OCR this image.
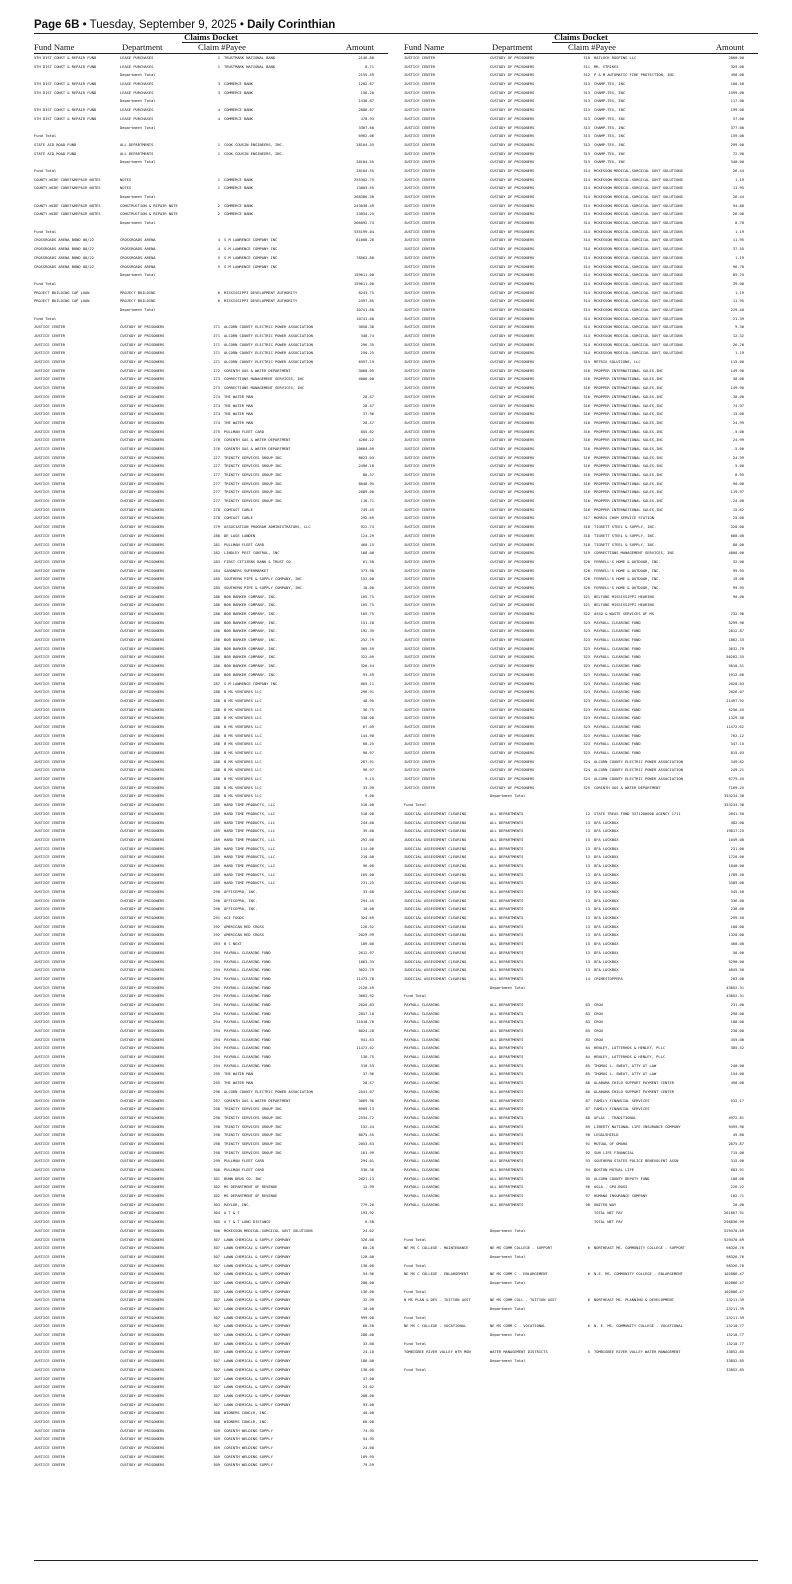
Page 6B • Tuesday, September 9, 2025 • Daily Corinthian
Claims Docket
Fund Name	Department	Claim #Payee	Amount
5TH DIST CONST & REPAIR FUND	LEASE PURCHASES	1 TRUSTMARK NATIONAL BANK	2146.80
5TH DIST CONST & REPAIR FUND	LEASE PURCHASES	1 TRUSTMARK NATIONAL BANK	8.71
Department Total	2155.59
5TH DIST CONST & REPAIR FUND	LEASE PURCHASES	3 COMMERCE BANK	1282.67
5TH DIST CONST & REPAIR FUND	LEASE PURCHASES	3 COMMERCE BANK	156.20
Department Total	1438.87
5TH DIST CONST & REPAIR FUND	LEASE PURCHASES	4 COMMERCE BANK	2888.67
5TH DIST CONST & REPAIR FUND	LEASE PURCHASES	4 COMMERCE BANK	478.93
Department Total	3367.60
Fund Total	6962.06
STATE AID ROAD FUND	ALL DEPARTMENTS	1 COOK-COUSIN ENGINEERS, INC.	28104.55
STATE AID ROAD FUND	ALL DEPARTMENTS	1 COOK-COUSIN ENGINEERS, INC.
Department Total	28104.55
Fund Total	28104.55
COUNTY-WIDE CONST&REPAIR NOTES	NOTES	1 COMMERCE BANK	255302.75
COUNTY-WIDE CONST&REPAIR NOTES	NOTES	1 COMMERCE BANK	13003.55
Department Total	268306.30
COUNTY-WIDE CONST&REPAIR NOTES	CONSTRUCTION & REPAIR NOTE	2 COMMERCE BANK	243038.49
COUNTY-WIDE CONST&REPAIR NOTES	CONSTRUCTION & REPAIR NOTE	2 COMMERCE BANK	23054.25
Department Total	266092.74
Fund Total	535199.04
CROSSROADS ARENA BOND 08/22	CROSSROADS ARENA	4 S M LAWRENCE COMPANY INC	81008.20
CROSSROADS ARENA BOND 08/22	CROSSROADS ARENA	4 S M LAWRENCE COMPANY INC
CROSSROADS ARENA BOND 08/22	CROSSROADS ARENA	5 S M LAWRENCE COMPANY INC	78562.80
CROSSROADS ARENA BOND 08/22	CROSSROADS ARENA	5 S M LAWRENCE COMPANY INC
Department Total	159611.00
Fund Total	159611.00
PROJECT BUILDING CAP LOAN	PROJECT BUILDING	6 MISSISSIPPI DEVELOPMENT AUTHORITY	8243.75
PROJECT BUILDING CAP LOAN	PROJECT BUILDING	6 MISSISSIPPI DEVELOPMENT AUTHORITY	2497.85
Department Total	10741.60
Fund Total	10741.60
JUSTICE CENTER	CUSTODY OF PRISONERS	271 ALCORN COUNTY ELECTRIC POWER ASSOCIATION	3058.38
JUSTICE CENTER	CUSTODY OF PRISONERS	271 ALCORN COUNTY ELECTRIC POWER ASSOCIATION	348.74
JUSTICE CENTER	CUSTODY OF PRISONERS	271 ALCORN COUNTY ELECTRIC POWER ASSOCIATION	296.35
JUSTICE CENTER	CUSTODY OF PRISONERS	271 ALCORN COUNTY ELECTRIC POWER ASSOCIATION	250.25
JUSTICE CENTER	CUSTODY OF PRISONERS	271 ALCORN COUNTY ELECTRIC POWER ASSOCIATION	6597.19
JUSTICE CENTER	CUSTODY OF PRISONERS	272 CORINTH GAS & WATER DEPARTMENT	3068.05
JUSTICE CENTER	CUSTODY OF PRISONERS	273 CORRECTIONS MANAGEMENT SERVICES, INC	4000.00
JUSTICE CENTER	CUSTODY OF PRISONERS	273 CORRECTIONS MANAGEMENT SERVICES, INC
JUSTICE CENTER	CUSTODY OF PRISONERS	274 THE WATER MAN	28.47
JUSTICE CENTER	CUSTODY OF PRISONERS	274 THE WATER MAN	28.47
JUSTICE CENTER	CUSTODY OF PRISONERS	274 THE WATER MAN	37.96
JUSTICE CENTER	CUSTODY OF PRISONERS	274 THE WATER MAN	28.47
JUSTICE CENTER	CUSTODY OF PRISONERS	275 PULLMAN FLEET CARD	855.62
JUSTICE CENTER	CUSTODY OF PRISONERS	276 CORINTH GAS & WATER DEPARTMENT	4260.22
JUSTICE CENTER	CUSTODY OF PRISONERS	276 CORINTH GAS & WATER DEPARTMENT	10684.09
JUSTICE CENTER	CUSTODY OF PRISONERS	277 TRINITY SERVICES GROUP INC	8623.03
JUSTICE CENTER	CUSTODY OF PRISONERS	277 TRINITY SERVICES GROUP INC	2496.18
JUSTICE CENTER	CUSTODY OF PRISONERS	277 TRINITY SERVICES GROUP INC	86.57
JUSTICE CENTER	CUSTODY OF PRISONERS	277 TRINITY SERVICES GROUP INC	8048.95
JUSTICE CENTER	CUSTODY OF PRISONERS	277 TRINITY SERVICES GROUP INC	2089.00
JUSTICE CENTER	CUSTODY OF PRISONERS	277 TRINITY SERVICES GROUP INC	118.71
JUSTICE CENTER	CUSTODY OF PRISONERS	278 COMCAST CABLE	749.45
JUSTICE CENTER	CUSTODY OF PRISONERS	278 COMCAST CABLE	292.69
JUSTICE CENTER	CUSTODY OF PRISONERS	279 ASSOCIATION PROGRAM ADMINISTRATORS, LLC	922.74
JUSTICE CENTER	CUSTODY OF PRISONERS	280 DE LAGE LANDEN	124.29
JUSTICE CENTER	CUSTODY OF PRISONERS	281 PULLMAN FLEET CARD	460.15
JUSTICE CENTER	CUSTODY OF PRISONERS	282 LINDLEY PEST CONTROL, INC	168.00
JUSTICE CENTER	CUSTODY OF PRISONERS	283 FIRST CITIZENS BANK & TRUST CO	61.58
JUSTICE CENTER	CUSTODY OF PRISONERS	284 GARDNERS SUPERMARKET	373.90
JUSTICE CENTER	CUSTODY OF PRISONERS	285 SOUTHERN PIPE & SUPPLY COMPANY, INC.	152.00
JUSTICE CENTER	CUSTODY OF PRISONERS	285 SOUTHERN PIPE & SUPPLY COMPANY, INC.	18.00
JUSTICE CENTER	CUSTODY OF PRISONERS	286 BOB BARKER COMPANY, INC.	165.75
JUSTICE CENTER	CUSTODY OF PRISONERS	286 BOB BARKER COMPANY, INC.	165.75
JUSTICE CENTER	CUSTODY OF PRISONERS	286 BOB BARKER COMPANY, INC.	165.75
JUSTICE CENTER	CUSTODY OF PRISONERS	286 BOB BARKER COMPANY, INC.	151.18
JUSTICE CENTER	CUSTODY OF PRISONERS	286 BOB BARKER COMPANY, INC.	192.39
JUSTICE CENTER	CUSTODY OF PRISONERS	286 BOB BARKER COMPANY, INC.	252.79
JUSTICE CENTER	CUSTODY OF PRISONERS	286 BOB BARKER COMPANY, INC.	369.59
JUSTICE CENTER	CUSTODY OF PRISONERS	286 BOB BARKER COMPANY, INC.	322.09
JUSTICE CENTER	CUSTODY OF PRISONERS	286 BOB BARKER COMPANY, INC.	326.54
JUSTICE CENTER	CUSTODY OF PRISONERS	286 BOB BARKER COMPANY, INC.	93.59
JUSTICE CENTER	CUSTODY OF PRISONERS	287 S M LAWRENCE COMPANY INC	665.11
JUSTICE CENTER	CUSTODY OF PRISONERS	288 B MS VENTURES LLC	296.91
JUSTICE CENTER	CUSTODY OF PRISONERS	288 B MS VENTURES LLC	48.95
JUSTICE CENTER	CUSTODY OF PRISONERS	288 B MS VENTURES LLC	36.75
JUSTICE CENTER	CUSTODY OF PRISONERS	288 B MS VENTURES LLC	338.00
JUSTICE CENTER	CUSTODY OF PRISONERS	288 B MS VENTURES LLC	67.09
JUSTICE CENTER	CUSTODY OF PRISONERS	288 B MS VENTURES LLC	144.98
JUSTICE CENTER	CUSTODY OF PRISONERS	288 B MS VENTURES LLC	68.25
JUSTICE CENTER	CUSTODY OF PRISONERS	288 B MS VENTURES LLC	98.97
JUSTICE CENTER	CUSTODY OF PRISONERS	288 B MS VENTURES LLC	287.91
JUSTICE CENTER	CUSTODY OF PRISONERS	288 B MS VENTURES LLC	98.97
JUSTICE CENTER	CUSTODY OF PRISONERS	288 B MS VENTURES LLC	9.15
JUSTICE CENTER	CUSTODY OF PRISONERS	288 B MS VENTURES LLC	33.99
JUSTICE CENTER	CUSTODY OF PRISONERS	288 B MS VENTURES LLC	9.00
JUSTICE CENTER	CUSTODY OF PRISONERS	289 HARD TIME PRODUCTS, LLC	518.00
JUSTICE CENTER	CUSTODY OF PRISONERS	289 HARD TIME PRODUCTS, LLC	518.00
JUSTICE CENTER	CUSTODY OF PRISONERS	289 HARD TIME PRODUCTS, LLC	244.60
JUSTICE CENTER	CUSTODY OF PRISONERS	289 HARD TIME PRODUCTS, LLC	39.60
JUSTICE CENTER	CUSTODY OF PRISONERS	289 HARD TIME PRODUCTS, LLC	292.00
JUSTICE CENTER	CUSTODY OF PRISONERS	289 HARD TIME PRODUCTS, LLC	114.00
JUSTICE CENTER	CUSTODY OF PRISONERS	289 HARD TIME PRODUCTS, LLC	218.00
JUSTICE CENTER	CUSTODY OF PRISONERS	289 HARD TIME PRODUCTS, LLC	96.00
JUSTICE CENTER	CUSTODY OF PRISONERS	289 HARD TIME PRODUCTS, LLC	165.00
JUSTICE CENTER	CUSTODY OF PRISONERS	289 HARD TIME PRODUCTS, LLC	231.25
JUSTICE CENTER	CUSTODY OF PRISONERS	290 OFFICEPRO, INC.	33.68
JUSTICE CENTER	CUSTODY OF PRISONERS	290 OFFICEPRO, INC.	294.45
JUSTICE CENTER	CUSTODY OF PRISONERS	290 OFFICEPRO, INC.	10.00
JUSTICE CENTER	CUSTODY OF PRISONERS	291 ACE FOODS	324.69
JUSTICE CENTER	CUSTODY OF PRISONERS	292 AMERICAN RED CROSS	126.52
JUSTICE CENTER	CUSTODY OF PRISONERS	292 AMERICAN RED CROSS	2029.99
JUSTICE CENTER	CUSTODY OF PRISONERS	293 B C NEXT	189.00
JUSTICE CENTER	CUSTODY OF PRISONERS	294 PAYROLL CLEARING FUND	2612.97
JUSTICE CENTER	CUSTODY OF PRISONERS	294 PAYROLL CLEARING FUND	1863.33
JUSTICE CENTER	CUSTODY OF PRISONERS	294 PAYROLL CLEARING FUND	3622.79
JUSTICE CENTER	CUSTODY OF PRISONERS	294 PAYROLL CLEARING FUND	11473.78
JUSTICE CENTER	CUSTODY OF PRISONERS	294 PAYROLL CLEARING FUND	2120.49
JUSTICE CENTER	CUSTODY OF PRISONERS	294 PAYROLL CLEARING FUND	3602.92
JUSTICE CENTER	CUSTODY OF PRISONERS	294 PAYROLL CLEARING FUND	2020.83
JUSTICE CENTER	CUSTODY OF PRISONERS	294 PAYROLL CLEARING FUND	2057.18
JUSTICE CENTER	CUSTODY OF PRISONERS	294 PAYROLL CLEARING FUND	11018.78
JUSTICE CENTER	CUSTODY OF PRISONERS	294 PAYROLL CLEARING FUND	8024.28
JUSTICE CENTER	CUSTODY OF PRISONERS	294 PAYROLL CLEARING FUND	941.63
JUSTICE CENTER	CUSTODY OF PRISONERS	294 PAYROLL CLEARING FUND	11472.62
JUSTICE CENTER	CUSTODY OF PRISONERS	294 PAYROLL CLEARING FUND	138.75
JUSTICE CENTER	CUSTODY OF PRISONERS	294 PAYROLL CLEARING FUND	318.53
JUSTICE CENTER	CUSTODY OF PRISONERS	295 THE WATER MAN	37.96
JUSTICE CENTER	CUSTODY OF PRISONERS	295 THE WATER MAN	28.47
JUSTICE CENTER	CUSTODY OF PRISONERS	296 ALCORN COUNTY ELECTRIC POWER ASSOCIATION	2541.07
JUSTICE CENTER	CUSTODY OF PRISONERS	297 CORINTH GAS & WATER DEPARTMENT	3069.96
JUSTICE CENTER	CUSTODY OF PRISONERS	298 TRINITY SERVICES GROUP INC	8909.13
JUSTICE CENTER	CUSTODY OF PRISONERS	298 TRINITY SERVICES GROUP INC	2534.72
JUSTICE CENTER	CUSTODY OF PRISONERS	298 TRINITY SERVICES GROUP INC	152.44
JUSTICE CENTER	CUSTODY OF PRISONERS	298 TRINITY SERVICES GROUP INC	8675.55
JUSTICE CENTER	CUSTODY OF PRISONERS	298 TRINITY SERVICES GROUP INC	2053.63
JUSTICE CENTER	CUSTODY OF PRISONERS	298 TRINITY SERVICES GROUP INC	161.99
JUSTICE CENTER	CUSTODY OF PRISONERS	299 PULLMAN FLEET CARD	294.01
JUSTICE CENTER	CUSTODY OF PRISONERS	300 PULLMAN FLEET CARD	538.36
JUSTICE CENTER	CUSTODY OF PRISONERS	301 BUNN DRUG CO. INC	2621.13
JUSTICE CENTER	CUSTODY OF PRISONERS	302 MS DEPARTMENT OF REVENUE	12.99
JUSTICE CENTER	CUSTODY OF PRISONERS	302 MS DEPARTMENT OF REVENUE
JUSTICE CENTER	CUSTODY OF PRISONERS	303 RAYLOR, INC.	779.26
JUSTICE CENTER	CUSTODY OF PRISONERS	304 A T & T	193.92
JUSTICE CENTER	CUSTODY OF PRISONERS	305 A T & T LONG DISTANCE	6.58
JUSTICE CENTER	CUSTODY OF PRISONERS	306 MCKESSON MEDICAL-SURGICAL GOVT SOLUTIONS	24.02
JUSTICE CENTER	CUSTODY OF PRISONERS	307 LAWN CHEMICAL & SUPPLY COMPANY	326.00
JUSTICE CENTER	CUSTODY OF PRISONERS	307 LAWN CHEMICAL & SUPPLY COMPANY	60.20
JUSTICE CENTER	CUSTODY OF PRISONERS	307 LAWN CHEMICAL & SUPPLY COMPANY	128.00
JUSTICE CENTER	CUSTODY OF PRISONERS	307 LAWN CHEMICAL & SUPPLY COMPANY	138.00
JUSTICE CENTER	CUSTODY OF PRISONERS	307 LAWN CHEMICAL & SUPPLY COMPANY	54.96
JUSTICE CENTER	CUSTODY OF PRISONERS	307 LAWN CHEMICAL & SUPPLY COMPANY	288.00
JUSTICE CENTER	CUSTODY OF PRISONERS	307 LAWN CHEMICAL & SUPPLY COMPANY	136.00
JUSTICE CENTER	CUSTODY OF PRISONERS	307 LAWN CHEMICAL & SUPPLY COMPANY	32.99
JUSTICE CENTER	CUSTODY OF PRISONERS	307 LAWN CHEMICAL & SUPPLY COMPANY	10.00
JUSTICE CENTER	CUSTODY OF PRISONERS	307 LAWN CHEMICAL & SUPPLY COMPANY	999.00
JUSTICE CENTER	CUSTODY OF PRISONERS	307 LAWN CHEMICAL & SUPPLY COMPANY	60.50
JUSTICE CENTER	CUSTODY OF PRISONERS	307 LAWN CHEMICAL & SUPPLY COMPANY	288.00
JUSTICE CENTER	CUSTODY OF PRISONERS	307 LAWN CHEMICAL & SUPPLY COMPANY	33.00
JUSTICE CENTER	CUSTODY OF PRISONERS	307 LAWN CHEMICAL & SUPPLY COMPANY	24.10
JUSTICE CENTER	CUSTODY OF PRISONERS	307 LAWN CHEMICAL & SUPPLY COMPANY	188.00
JUSTICE CENTER	CUSTODY OF PRISONERS	307 LAWN CHEMICAL & SUPPLY COMPANY	138.00
JUSTICE CENTER	CUSTODY OF PRISONERS	307 LAWN CHEMICAL & SUPPLY COMPANY	47.00
JUSTICE CENTER	CUSTODY OF PRISONERS	307 LAWN CHEMICAL & SUPPLY COMPANY	24.02
JUSTICE CENTER	CUSTODY OF PRISONERS	307 LAWN CHEMICAL & SUPPLY COMPANY	288.00
JUSTICE CENTER	CUSTODY OF PRISONERS	307 LAWN CHEMICAL & SUPPLY COMPANY	93.00
JUSTICE CENTER	CUSTODY OF PRISONERS	308 WIDNERS CONCLR, INC.	40.00
JUSTICE CENTER	CUSTODY OF PRISONERS	308 WIDNERS CONCLR, INC.	60.00
JUSTICE CENTER	CUSTODY OF PRISONERS	309 CORINTH WELDING SUPPLY	74.95
JUSTICE CENTER	CUSTODY OF PRISONERS	309 CORINTH WELDING SUPPLY	54.95
JUSTICE CENTER	CUSTODY OF PRISONERS	309 CORINTH WELDING SUPPLY	24.00
JUSTICE CENTER	CUSTODY OF PRISONERS	309 CORINTH WELDING SUPPLY	109.95
JUSTICE CENTER	CUSTODY OF PRISONERS	309 CORINTH WELDING SUPPLY	79.59
Claims Docket
Fund Name	Department	Claim #Payee	Amount
JUSTICE CENTER	CUSTODY OF PRISONERS	310 MATLOCK ROOFING LLC	2800.00
JUSTICE CENTER	CUSTODY OF PRISONERS	311 MR. STRIKES	325.00
JUSTICE CENTER	CUSTODY OF PRISONERS	312 P & M AUTOMATIC FIRE PROTECTION, INC	490.00
JUSTICE CENTER	CUSTODY OF PRISONERS	313 CHAMP-TEX, INC	100.50
JUSTICE CENTER	CUSTODY OF PRISONERS	313 CHAMP-TEX, INC	1599.00
JUSTICE CENTER	CUSTODY OF PRISONERS	313 CHAMP-TEX, INC	117.00
JUSTICE CENTER	CUSTODY OF PRISONERS	313 CHAMP-TEX, INC	199.00
JUSTICE CENTER	CUSTODY OF PRISONERS	313 CHAMP-TEX, INC	57.00
JUSTICE CENTER	CUSTODY OF PRISONERS	313 CHAMP-TEX, INC	377.00
JUSTICE CENTER	CUSTODY OF PRISONERS	313 CHAMP-TEX, INC	159.00
JUSTICE CENTER	CUSTODY OF PRISONERS	313 CHAMP-TEX, INC	299.00
JUSTICE CENTER	CUSTODY OF PRISONERS	313 CHAMP-TEX, INC	72.90
JUSTICE CENTER	CUSTODY OF PRISONERS	313 CHAMP-TEX, INC	340.00
JUSTICE CENTER	CUSTODY OF PRISONERS	314 MCKESSON MEDICAL-SURGICAL GOVT SOLUTIONS	26.44
JUSTICE CENTER	CUSTODY OF PRISONERS	314 MCKESSON MEDICAL-SURGICAL GOVT SOLUTIONS	1.19
JUSTICE CENTER	CUSTODY OF PRISONERS	314 MCKESSON MEDICAL-SURGICAL GOVT SOLUTIONS	11.95
JUSTICE CENTER	CUSTODY OF PRISONERS	314 MCKESSON MEDICAL-SURGICAL GOVT SOLUTIONS	26.44
JUSTICE CENTER	CUSTODY OF PRISONERS	314 MCKESSON MEDICAL-SURGICAL GOVT SOLUTIONS	94.80
JUSTICE CENTER	CUSTODY OF PRISONERS	314 MCKESSON MEDICAL-SURGICAL GOVT SOLUTIONS	26.00
JUSTICE CENTER	CUSTODY OF PRISONERS	314 MCKESSON MEDICAL-SURGICAL GOVT SOLUTIONS	8.70
JUSTICE CENTER	CUSTODY OF PRISONERS	314 MCKESSON MEDICAL-SURGICAL GOVT SOLUTIONS	1.19
JUSTICE CENTER	CUSTODY OF PRISONERS	314 MCKESSON MEDICAL-SURGICAL GOVT SOLUTIONS	11.95
JUSTICE CENTER	CUSTODY OF PRISONERS	314 MCKESSON MEDICAL-SURGICAL GOVT SOLUTIONS	37.55
JUSTICE CENTER	CUSTODY OF PRISONERS	314 MCKESSON MEDICAL-SURGICAL GOVT SOLUTIONS	1.19
JUSTICE CENTER	CUSTODY OF PRISONERS	314 MCKESSON MEDICAL-SURGICAL GOVT SOLUTIONS	96.70
JUSTICE CENTER	CUSTODY OF PRISONERS	314 MCKESSON MEDICAL-SURGICAL GOVT SOLUTIONS	85.25
JUSTICE CENTER	CUSTODY OF PRISONERS	314 MCKESSON MEDICAL-SURGICAL GOVT SOLUTIONS	39.00
JUSTICE CENTER	CUSTODY OF PRISONERS	314 MCKESSON MEDICAL-SURGICAL GOVT SOLUTIONS	1.19
JUSTICE CENTER	CUSTODY OF PRISONERS	314 MCKESSON MEDICAL-SURGICAL GOVT SOLUTIONS	11.95
JUSTICE CENTER	CUSTODY OF PRISONERS	314 MCKESSON MEDICAL-SURGICAL GOVT SOLUTIONS	229.40
JUSTICE CENTER	CUSTODY OF PRISONERS	314 MCKESSON MEDICAL-SURGICAL GOVT SOLUTIONS	21.39
JUSTICE CENTER	CUSTODY OF PRISONERS	314 MCKESSON MEDICAL-SURGICAL GOVT SOLUTIONS	9.30
JUSTICE CENTER	CUSTODY OF PRISONERS	314 MCKESSON MEDICAL-SURGICAL GOVT SOLUTIONS	12.32
JUSTICE CENTER	CUSTODY OF PRISONERS	314 MCKESSON MEDICAL-SURGICAL GOVT SOLUTIONS	26.20
JUSTICE CENTER	CUSTODY OF PRISONERS	314 MCKESSON MEDICAL-SURGICAL GOVT SOLUTIONS	1.19
JUSTICE CENTER	CUSTODY OF PRISONERS	315 METRIX SOLUTIONS, LLC	115.00
JUSTICE CENTER	CUSTODY OF PRISONERS	316 PROPPER INTERNATIONAL SALES,INC	149.90
JUSTICE CENTER	CUSTODY OF PRISONERS	316 PROPPER INTERNATIONAL SALES,INC	30.00
JUSTICE CENTER	CUSTODY OF PRISONERS	316 PROPPER INTERNATIONAL SALES,INC	149.90
JUSTICE CENTER	CUSTODY OF PRISONERS	316 PROPPER INTERNATIONAL SALES,INC	-30.00
JUSTICE CENTER	CUSTODY OF PRISONERS	316 PROPPER INTERNATIONAL SALES,INC	74.97
JUSTICE CENTER	CUSTODY OF PRISONERS	316 PROPPER INTERNATIONAL SALES,INC	-15.00
JUSTICE CENTER	CUSTODY OF PRISONERS	316 PROPPER INTERNATIONAL SALES,INC	24.99
JUSTICE CENTER	CUSTODY OF PRISONERS	316 PROPPER INTERNATIONAL SALES,INC	-5.00
JUSTICE CENTER	CUSTODY OF PRISONERS	316 PROPPER INTERNATIONAL SALES,INC	24.99
JUSTICE CENTER	CUSTODY OF PRISONERS	316 PROPPER INTERNATIONAL SALES,INC	-5.00
JUSTICE CENTER	CUSTODY OF PRISONERS	316 PROPPER INTERNATIONAL SALES,INC	24.99
JUSTICE CENTER	CUSTODY OF PRISONERS	316 PROPPER INTERNATIONAL SALES,INC	-5.00
JUSTICE CENTER	CUSTODY OF PRISONERS	316 PROPPER INTERNATIONAL SALES,INC	8.95
JUSTICE CENTER	CUSTODY OF PRISONERS	316 PROPPER INTERNATIONAL SALES,INC	90.00
JUSTICE CENTER	CUSTODY OF PRISONERS	316 PROPPER INTERNATIONAL SALES,INC	119.97
JUSTICE CENTER	CUSTODY OF PRISONERS	316 PROPPER INTERNATIONAL SALES,INC	-24.00
JUSTICE CENTER	CUSTODY OF PRISONERS	316 PROPPER INTERNATIONAL SALES,INC	15.62
JUSTICE CENTER	CUSTODY OF PRISONERS	317 MORRIS CHUM SERVICE STATION	25.00
JUSTICE CENTER	CUSTODY OF PRISONERS	318 TIGRETT STEEL & SUPPLY, INC.	320.00
JUSTICE CENTER	CUSTODY OF PRISONERS	318 TIGRETT STEEL & SUPPLY, INC.	680.00
JUSTICE CENTER	CUSTODY OF PRISONERS	318 TIGRETT STEEL & SUPPLY, INC.	80.00
JUSTICE CENTER	CUSTODY OF PRISONERS	319 CORRECTIONS MANAGEMENT SERVICES, INC	4000.00
JUSTICE CENTER	CUSTODY OF PRISONERS	320 FERRELL'S HOME & OUTDOOR, INC.	32.00
JUSTICE CENTER	CUSTODY OF PRISONERS	320 FERRELL'S HOME & OUTDOOR, INC.	99.95
JUSTICE CENTER	CUSTODY OF PRISONERS	320 FERRELL'S HOME & OUTDOOR, INC.	19.00
JUSTICE CENTER	CUSTODY OF PRISONERS	320 FERRELL'S HOME & OUTDOOR, INC.	99.95
JUSTICE CENTER	CUSTODY OF PRISONERS	321 BELTONE MISSISSIPPI HEARING	90.00
JUSTICE CENTER	CUSTODY OF PRISONERS	321 BELTONE MISSISSIPPI HEARING
JUSTICE CENTER	CUSTODY OF PRISONERS	322 ASSO & WASTE SERVICES OF MS	732.96
JUSTICE CENTER	CUSTODY OF PRISONERS	323 PAYROLL CLEARING FUND	3299.96
JUSTICE CENTER	CUSTODY OF PRISONERS	323 PAYROLL CLEARING FUND	2812.87
JUSTICE CENTER	CUSTODY OF PRISONERS	323 PAYROLL CLEARING FUND	1862.33
JUSTICE CENTER	CUSTODY OF PRISONERS	323 PAYROLL CLEARING FUND	3632.79
JUSTICE CENTER	CUSTODY OF PRISONERS	323 PAYROLL CLEARING FUND	56202.35
JUSTICE CENTER	CUSTODY OF PRISONERS	323 PAYROLL CLEARING FUND	5010.51
JUSTICE CENTER	CUSTODY OF PRISONERS	323 PAYROLL CLEARING FUND	1912.66
JUSTICE CENTER	CUSTODY OF PRISONERS	323 PAYROLL CLEARING FUND	2020.83
JUSTICE CENTER	CUSTODY OF PRISONERS	323 PAYROLL CLEARING FUND	2026.07
JUSTICE CENTER	CUSTODY OF PRISONERS	323 PAYROLL CLEARING FUND	11497.92
JUSTICE CENTER	CUSTODY OF PRISONERS	323 PAYROLL CLEARING FUND	5256.45
JUSTICE CENTER	CUSTODY OF PRISONERS	323 PAYROLL CLEARING FUND	1329.38
JUSTICE CENTER	CUSTODY OF PRISONERS	323 PAYROLL CLEARING FUND	11472.62
JUSTICE CENTER	CUSTODY OF PRISONERS	323 PAYROLL CLEARING FUND	762.12
JUSTICE CENTER	CUSTODY OF PRISONERS	323 PAYROLL CLEARING FUND	347.15
JUSTICE CENTER	CUSTODY OF PRISONERS	323 PAYROLL CLEARING FUND	815.03
JUSTICE CENTER	CUSTODY OF PRISONERS	324 ALCORN COUNTY ELECTRIC POWER ASSOCIATION	349.82
JUSTICE CENTER	CUSTODY OF PRISONERS	324 ALCORN COUNTY ELECTRIC POWER ASSOCIATION	249.21
JUSTICE CENTER	CUSTODY OF PRISONERS	324 ALCORN COUNTY ELECTRIC POWER ASSOCIATION	6779.45
JUSTICE CENTER	CUSTODY OF PRISONERS	325 CORINTH GAS & WATER DEPARTMENT	7169.25
Department Total	353234.38
Fund Total	353234.38
JUDICIAL ASSESSMENT CLEARING	ALL DEPARTMENTS	12 STATE TREAS FUND 3371200000 AGENCY 1711	2841.50
JUDICIAL ASSESSMENT CLEARING	ALL DEPARTMENTS	13 DFA LOCKBOX	482.00
JUDICIAL ASSESSMENT CLEARING	ALL DEPARTMENTS	13 DFA LOCKBOX	19817.25
JUDICIAL ASSESSMENT CLEARING	ALL DEPARTMENTS	13 DFA LOCKBOX	1049.00
JUDICIAL ASSESSMENT CLEARING	ALL DEPARTMENTS	13 DFA LOCKBOX	231.00
JUDICIAL ASSESSMENT CLEARING	ALL DEPARTMENTS	13 DFA LOCKBOX	1720.00
JUDICIAL ASSESSMENT CLEARING	ALL DEPARTMENTS	13 DFA LOCKBOX	1840.00
JUDICIAL ASSESSMENT CLEARING	ALL DEPARTMENTS	13 DFA LOCKBOX	1789.50
JUDICIAL ASSESSMENT CLEARING	ALL DEPARTMENTS	13 DFA LOCKBOX	3385.00
JUDICIAL ASSESSMENT CLEARING	ALL DEPARTMENTS	13 DFA LOCKBOX	345.50
JUDICIAL ASSESSMENT CLEARING	ALL DEPARTMENTS	13 DFA LOCKBOX	336.00
JUDICIAL ASSESSMENT CLEARING	ALL DEPARTMENTS	13 DFA LOCKBOX	238.00
JUDICIAL ASSESSMENT CLEARING	ALL DEPARTMENTS	13 DFA LOCKBOX	299.50
JUDICIAL ASSESSMENT CLEARING	ALL DEPARTMENTS	13 DFA LOCKBOX	100.00
JUDICIAL ASSESSMENT CLEARING	ALL DEPARTMENTS	13 DFA LOCKBOX	1320.00
JUDICIAL ASSESSMENT CLEARING	ALL DEPARTMENTS	13 DFA LOCKBOX	460.00
JUDICIAL ASSESSMENT CLEARING	ALL DEPARTMENTS	13 DFA LOCKBOX	50.00
JUDICIAL ASSESSMENT CLEARING	ALL DEPARTMENTS	13 DFA LOCKBOX	5290.00
JUDICIAL ASSESSMENT CLEARING	ALL DEPARTMENTS	13 DFA LOCKBOX	4845.50
JUDICIAL ASSESSMENT CLEARING	ALL DEPARTMENTS	14 CRIMESTOPPERS	263.00
Department Total	43852.31
Fund Total	43852.31
PAYROLL CLEARING	ALL DEPARTMENTS	83 CROU	231.00
PAYROLL CLEARING	ALL DEPARTMENTS	83 CROU	290.00
PAYROLL CLEARING	ALL DEPARTMENTS	83 CROU	188.00
PAYROLL CLEARING	ALL DEPARTMENTS	83 CROU	230.00
PAYROLL CLEARING	ALL DEPARTMENTS	83 CROU	455.00
PAYROLL CLEARING	ALL DEPARTMENTS	84 HENLEY, LOTTERHOS & HENLEY, PLLC	385.52
PAYROLL CLEARING	ALL DEPARTMENTS	84 HENLEY, LOTTERHOS & HENLEY, PLLC
PAYROLL CLEARING	ALL DEPARTMENTS	85 THOMAS L. SWEAT, ATTY AT LAW	240.00
PAYROLL CLEARING	ALL DEPARTMENTS	85 THOMAS L. SWEAT, ATTY AT LAW	154.00
PAYROLL CLEARING	ALL DEPARTMENTS	86 ALABAMA CHILD SUPPORT PAYMENT CENTER	490.00
PAYROLL CLEARING	ALL DEPARTMENTS	86 ALABAMA CHILD SUPPORT PAYMENT CENTER
PAYROLL CLEARING	ALL DEPARTMENTS	87 FAMILY FINANCIAL SERVICES	532.17
PAYROLL CLEARING	ALL DEPARTMENTS	87 FAMILY FINANCIAL SERVICES
PAYROLL CLEARING	ALL DEPARTMENTS	88 AFLAC - TRADITIONAL	4972.81
PAYROLL CLEARING	ALL DEPARTMENTS	89 LIBERTY NATIONAL LIFE INSURANCE COMPANY	9495.96
PAYROLL CLEARING	ALL DEPARTMENTS	90 LEGALSHIELD	45.80
PAYROLL CLEARING	ALL DEPARTMENTS	91 MUTUAL OF OMAHA	2875.87
PAYROLL CLEARING	ALL DEPARTMENTS	92 SUN LIFE FINANCIAL	715.00
PAYROLL CLEARING	ALL DEPARTMENTS	93 SOUTHERN STATES POLICE BENEVOLENT ASSN	315.00
PAYROLL CLEARING	ALL DEPARTMENTS	94 BOSTON MUTUAL LIFE	683.91
PAYROLL CLEARING	ALL DEPARTMENTS	95 ALCORN COUNTY DEPUTY FUND	180.00
PAYROLL CLEARING	ALL DEPARTMENTS	96 AGLA - GPO-BOSS	226.22
PAYROLL CLEARING	ALL DEPARTMENTS	97 HUMANA INSURANCE COMPANY	102.71
PAYROLL CLEARING	ALL DEPARTMENTS	98 UNITED WAY	20.00
TOTAL NET PAY	261607.91
TOTAL NET PAY	256836.99
Department Total	529470.69
Fund Total	529470.69
NE MS C COLLEGE - MAINTENANCE	NE MS COMM COLLEGE - SUPPORT	6 NORTHEAST MS. COMMUNITY COLLEGE - SUPPORT	98326.76
Department Total	98326.76
Fund Total	98326.76
NE MS C COLLEGE - ENLARGEMENT	NE MS COMM C - ENLARGEMENT	6 N.E. MS. COMMUNITY COLLEGE - ENLARGEMENT	102886.47
Department Total	102886.47
Fund Total	102886.47
N MS PLAN & DEV - TUITION ASST	NE MS COMM COLL - TUITION ASST	6 NORTHEAST MS. PLANNING & DEVELOPMENT	13211.39
Department Total	13211.39
Fund Total	13211.39
NE MS C COLLEGE - VOCATIONAL	NE MS COMM C - VOCATIONAL	6 N. E. MS. COMMUNITY COLLEGE - VOCATIONAL	13210.77
Department Total	13210.77
Fund Total	13210.77
TOMBIGBEE RIVER VALLEY WTR MGN	WATER MANAGEMENT DISTRICTS	5 TOMBIGBEE RIVER VALLEY WATER MANAGEMENT	33852.85
Department Total	33852.85
Fund Total	33852.85
